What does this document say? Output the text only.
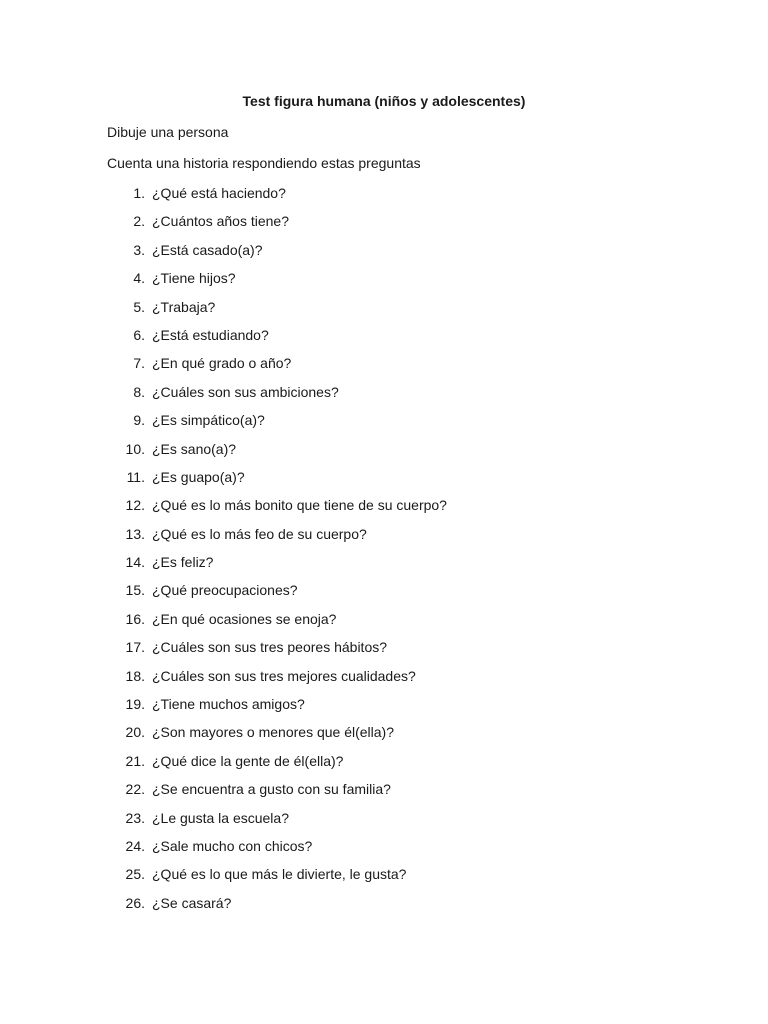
Test figura humana (niños y adolescentes)
Dibuje una persona
Cuenta una historia respondiendo estas preguntas
1. ¿Qué está haciendo?
2. ¿Cuántos años tiene?
3. ¿Está casado(a)?
4. ¿Tiene hijos?
5. ¿Trabaja?
6. ¿Está estudiando?
7. ¿En qué grado o año?
8. ¿Cuáles son sus ambiciones?
9. ¿Es simpático(a)?
10. ¿Es sano(a)?
11. ¿Es guapo(a)?
12. ¿Qué es lo más bonito que tiene de su cuerpo?
13. ¿Qué es lo más feo de su cuerpo?
14. ¿Es feliz?
15. ¿Qué preocupaciones?
16. ¿En qué ocasiones se enoja?
17. ¿Cuáles son sus tres peores hábitos?
18. ¿Cuáles son sus tres mejores cualidades?
19. ¿Tiene muchos amigos?
20. ¿Son mayores o menores que él(ella)?
21. ¿Qué dice la gente de él(ella)?
22. ¿Se encuentra a gusto con su familia?
23. ¿Le gusta la escuela?
24. ¿Sale mucho con chicos?
25. ¿Qué es lo que más le divierte, le gusta?
26. ¿Se casará?
